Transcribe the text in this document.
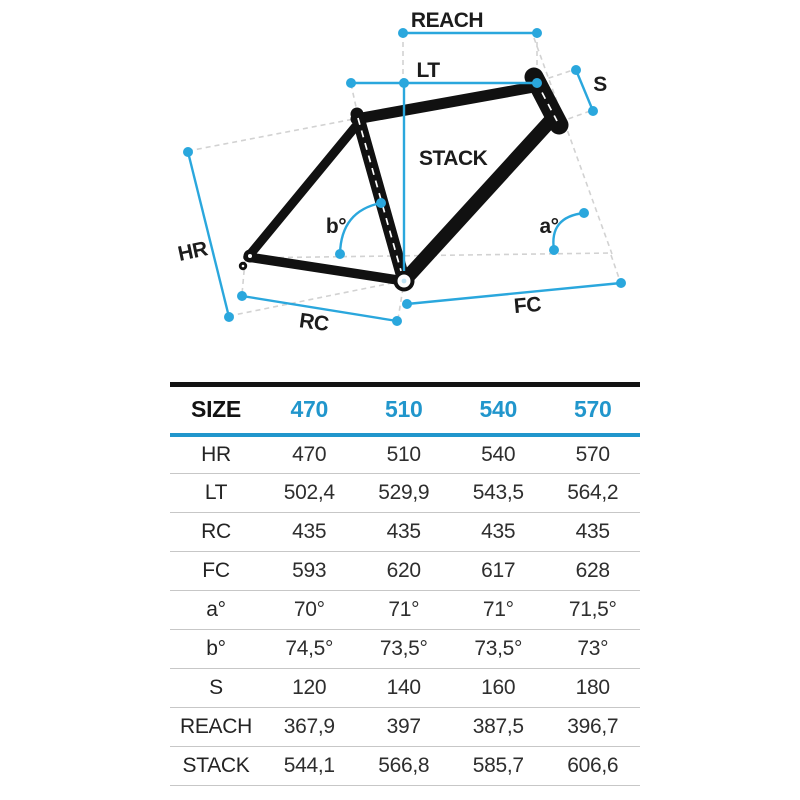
REACH
LT
S
STACK
HR
RC
FC
b°	a°
SIZE	470	510	540	570
HR	470	510	540	570
LT	502,4	529,9	543,5	564,2
RC	435	435	435	435
FC	593	620	617	628
a°	70°	71°	71°	71,5°
b°	74,5°	73,5°	73,5°	73°
S	120	140	160	180
REACH	367,9	397	387,5	396,7
STACK	544,1	566,8	585,7	606,6
